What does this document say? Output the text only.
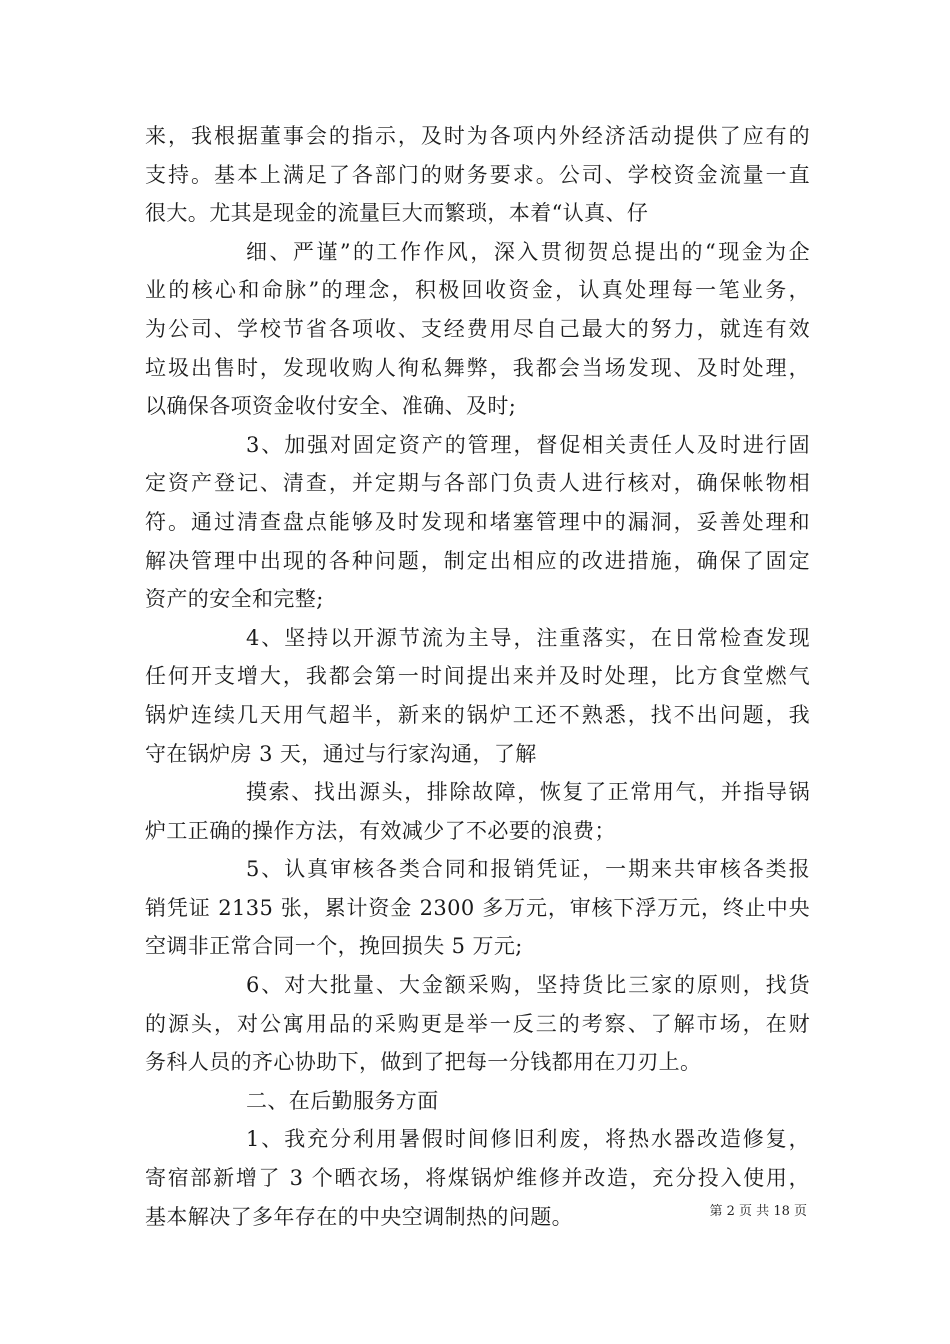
来，我根据董事会的指示，及时为各项内外经济活动提供了应有的
支持。基本上满足了各部门的财务要求。公司、学校资金流量一直
很大。尤其是现金的流量巨大而繁琐，本着“认真、仔
细、严谨”的工作作风，深入贯彻贺总提出的“现金为企
业的核心和命脉”的理念，积极回收资金，认真处理每一笔业务，
为公司、学校节省各项收、支经费用尽自己最大的努力，就连有效
垃圾出售时，发现收购人徇私舞弊，我都会当场发现、及时处理，
以确保各项资金收付安全、准确、及时;
3、加强对固定资产的管理，督促相关责任人及时进行固
定资产登记、清查，并定期与各部门负责人进行核对，确保帐物相
符。通过清查盘点能够及时发现和堵塞管理中的漏洞，妥善处理和
解决管理中出现的各种问题，制定出相应的改进措施，确保了固定
资产的安全和完整;
4、坚持以开源节流为主导，注重落实，在日常检查发现
任何开支增大，我都会第一时间提出来并及时处理，比方食堂燃气
锅炉连续几天用气超半，新来的锅炉工还不熟悉，找不出问题，我
守在锅炉房 3 天，通过与行家沟通，了解
摸索、找出源头，排除故障，恢复了正常用气，并指导锅
炉工正确的操作方法，有效减少了不必要的浪费；
5、认真审核各类合同和报销凭证，一期来共审核各类报
销凭证 2135 张，累计资金 2300 多万元，审核下浮万元，终止中央
空调非正常合同一个，挽回损失 5 万元;
6、对大批量、大金额采购，坚持货比三家的原则，找货
的源头，对公寓用品的采购更是举一反三的考察、了解市场，在财
务科人员的齐心协助下，做到了把每一分钱都用在刀刃上。
二、在后勤服务方面
1、我充分利用暑假时间修旧利废，将热水器改造修复，
寄宿部新增了 3 个晒衣场，将煤锅炉维修并改造，充分投入使用，
基本解决了多年存在的中央空调制热的问题。	第 2 页 共 18 页
